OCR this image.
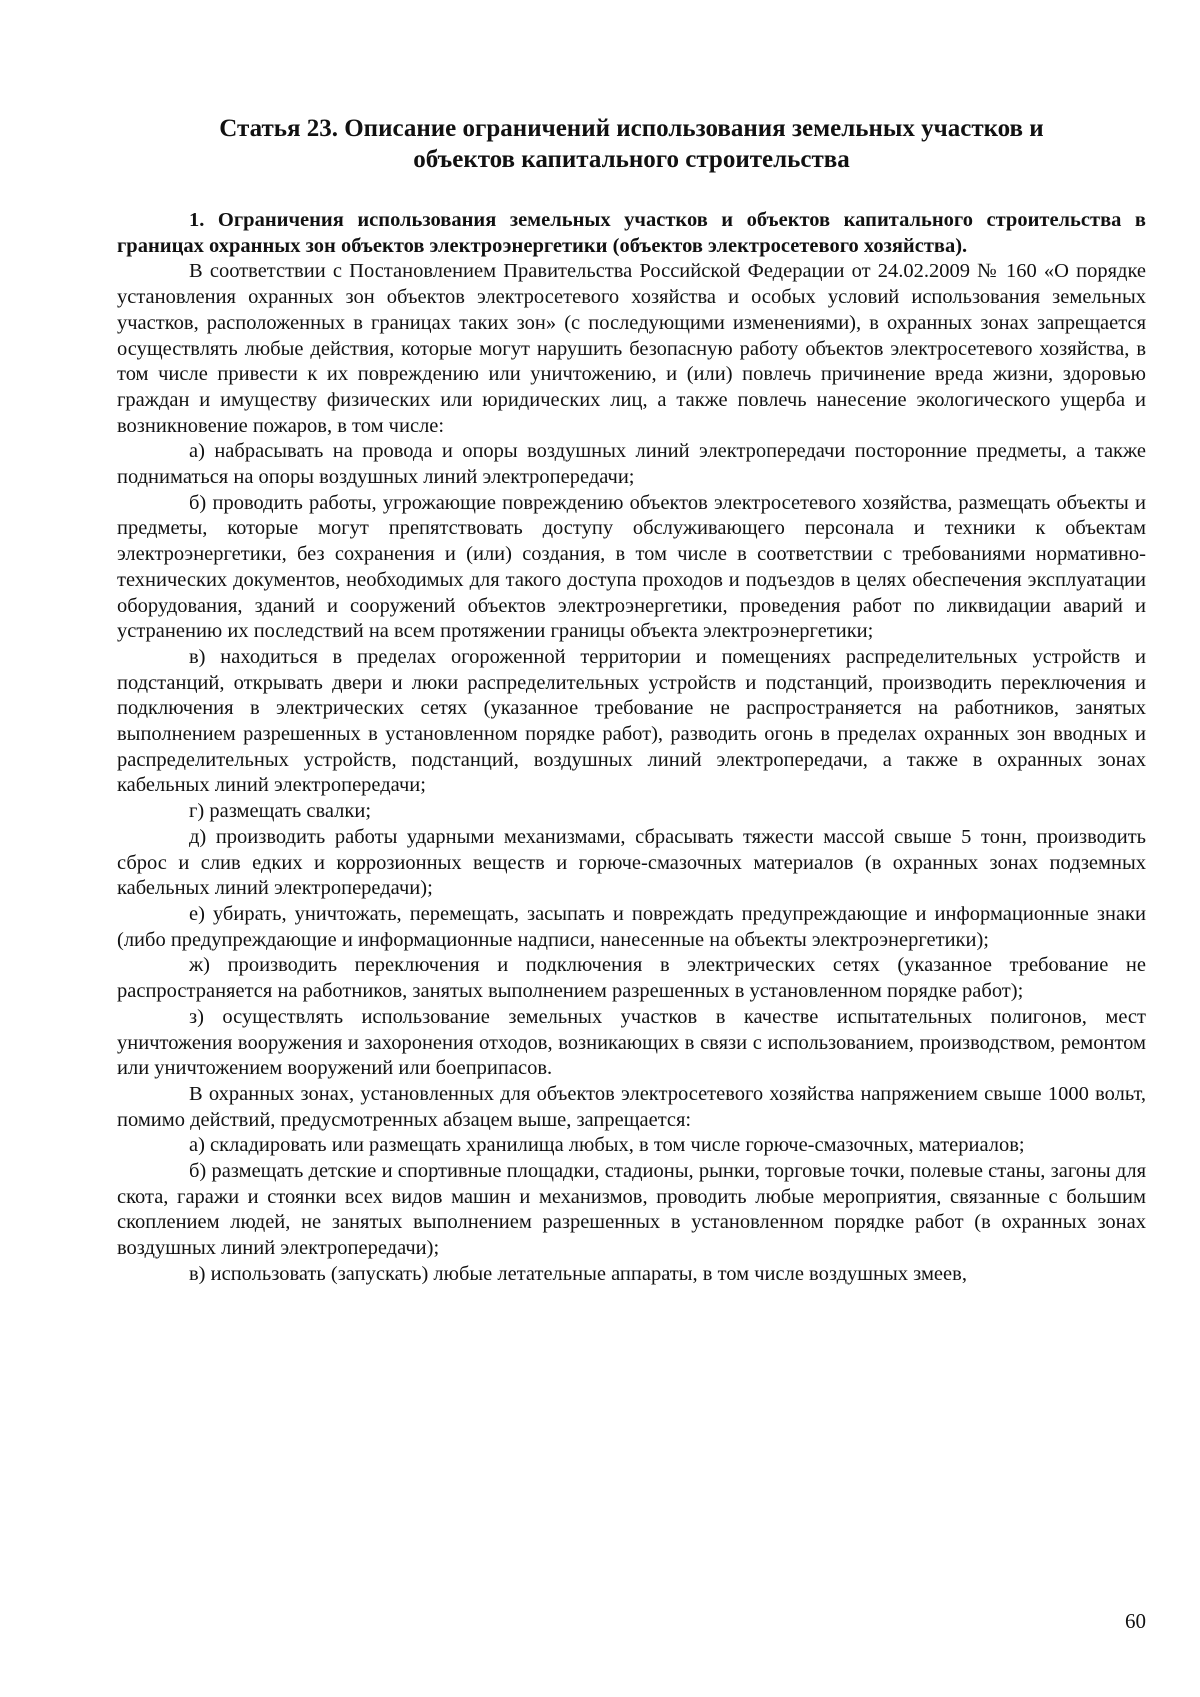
Статья 23. Описание ограничений использования земельных участков и
объектов капитального строительства

1. Ограничения использования земельных участков и объектов капитального строительства в границах охранных зон объектов электроэнергетики (объектов электросетевого хозяйства).

В соответствии с Постановлением Правительства Российской Федерации от 24.02.2009 № 160 «О порядке установления охранных зон объектов электросетевого хозяйства и особых условий использования земельных участков, расположенных в границах таких зон» (с последующими изменениями), в охранных зонах запрещается осуществлять любые действия, которые могут нарушить безопасную работу объектов электросетевого хозяйства, в том числе привести к их повреждению или уничтожению, и (или) повлечь причинение вреда жизни, здоровью граждан и имуществу физических или юридических лиц, а также повлечь нанесение экологического ущерба и возникновение пожаров, в том числе:

а) набрасывать на провода и опоры воздушных линий электропередачи посторонние предметы, а также подниматься на опоры воздушных линий электропередачи;

б) проводить работы, угрожающие повреждению объектов электросетевого хозяйства, размещать объекты и предметы, которые могут препятствовать доступу обслуживающего персонала и техники к объектам электроэнергетики, без сохранения и (или) создания, в том числе в соответствии с требованиями нормативно-технических документов, необходимых для такого доступа проходов и подъездов в целях обеспечения эксплуатации оборудования, зданий и сооружений объектов электроэнергетики, проведения работ по ликвидации аварий и устранению их последствий на всем протяжении границы объекта электроэнергетики;

в) находиться в пределах огороженной территории и помещениях распределительных устройств и подстанций, открывать двери и люки распределительных устройств и подстанций, производить переключения и подключения в электрических сетях (указанное требование не распространяется на работников, занятых выполнением разрешенных в установленном порядке работ), разводить огонь в пределах охранных зон вводных и распределительных устройств, подстанций, воздушных линий электропередачи, а также в охранных зонах кабельных линий электропередачи;

г) размещать свалки;

д) производить работы ударными механизмами, сбрасывать тяжести массой свыше 5 тонн, производить сброс и слив едких и коррозионных веществ и горюче-смазочных материалов (в охранных зонах подземных кабельных линий электропередачи);

е) убирать, уничтожать, перемещать, засыпать и повреждать предупреждающие и информационные знаки (либо предупреждающие и информационные надписи, нанесенные на объекты электроэнергетики);

ж) производить переключения и подключения в электрических сетях (указанное требование не распространяется на работников, занятых выполнением разрешенных в установленном порядке работ);

з) осуществлять использование земельных участков в качестве испытательных полигонов, мест уничтожения вооружения и захоронения отходов, возникающих в связи с использованием, производством, ремонтом или уничтожением вооружений или боеприпасов.

В охранных зонах, установленных для объектов электросетевого хозяйства напряжением свыше 1000 вольт, помимо действий, предусмотренных абзацем выше, запрещается:

а) складировать или размещать хранилища любых, в том числе горюче-смазочных, материалов;

б) размещать детские и спортивные площадки, стадионы, рынки, торговые точки, полевые станы, загоны для скота, гаражи и стоянки всех видов машин и механизмов, проводить любые мероприятия, связанные с большим скоплением людей, не занятых выполнением разрешенных в установленном порядке работ (в охранных зонах воздушных линий электропередачи);

в) использовать (запускать) любые летательные аппараты, в том числе воздушных змеев,

60
